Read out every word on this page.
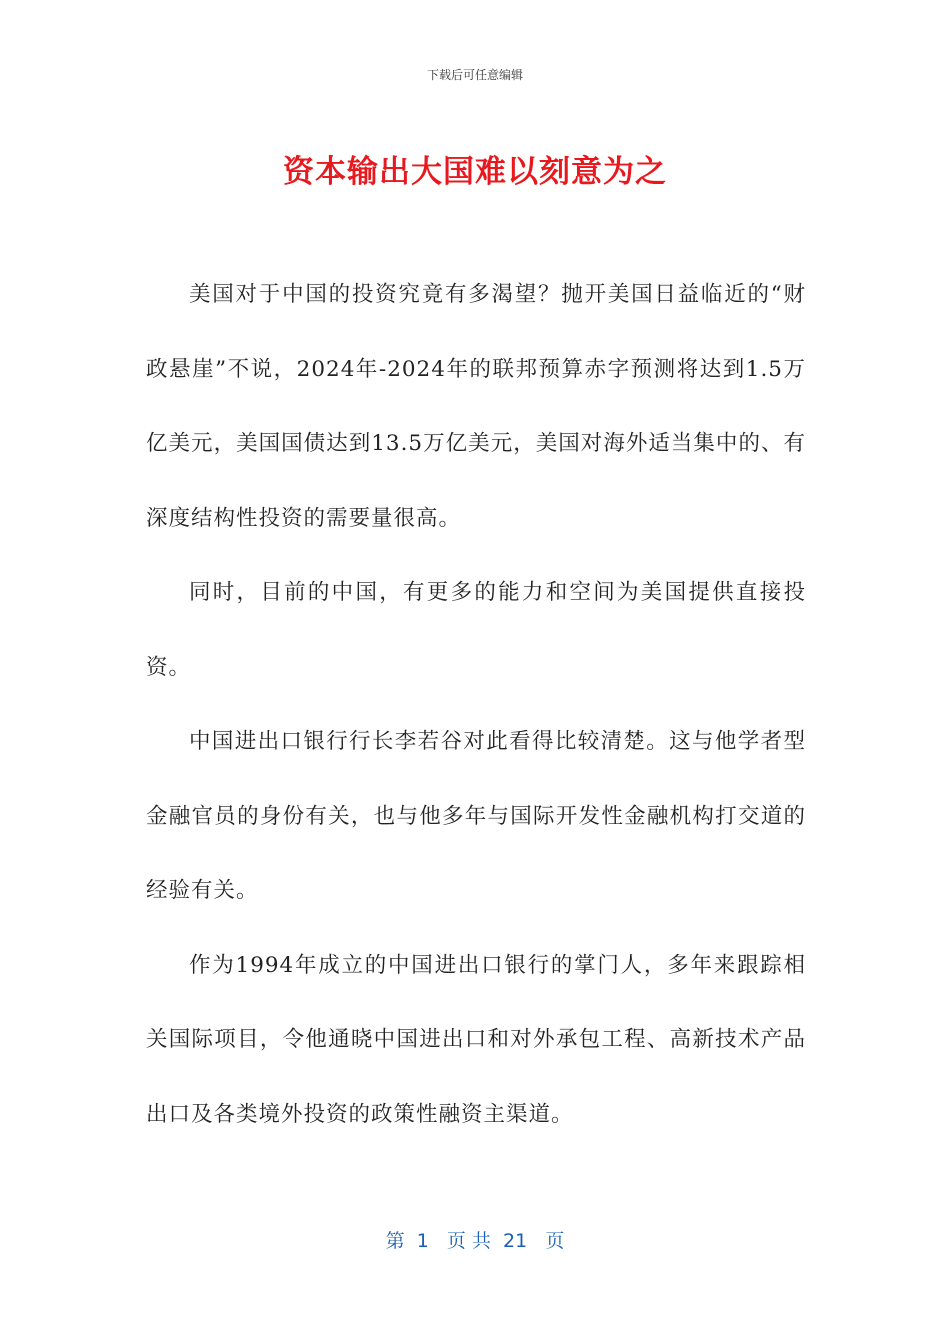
下载后可任意编辑
资本输出大国难以刻意为之

美国对于中国的投资究竟有多渴望？抛开美国日益临近的“财政悬崖”不说，2024年-2024年的联邦预算赤字预测将达到1.5万亿美元，美国国债达到13.5万亿美元，美国对海外适当集中的、有深度结构性投资的需要量很高。

同时，目前的中国，有更多的能力和空间为美国提供直接投资。

中国进出口银行行长李若谷对此看得比较清楚。这与他学者型金融官员的身份有关，也与他多年与国际开发性金融机构打交道的经验有关。

作为1994年成立的中国进出口银行的掌门人，多年来跟踪相关国际项目，令他通晓中国进出口和对外承包工程、高新技术产品出口及各类境外投资的政策性融资主渠道。

第  1   页 共  21   页
